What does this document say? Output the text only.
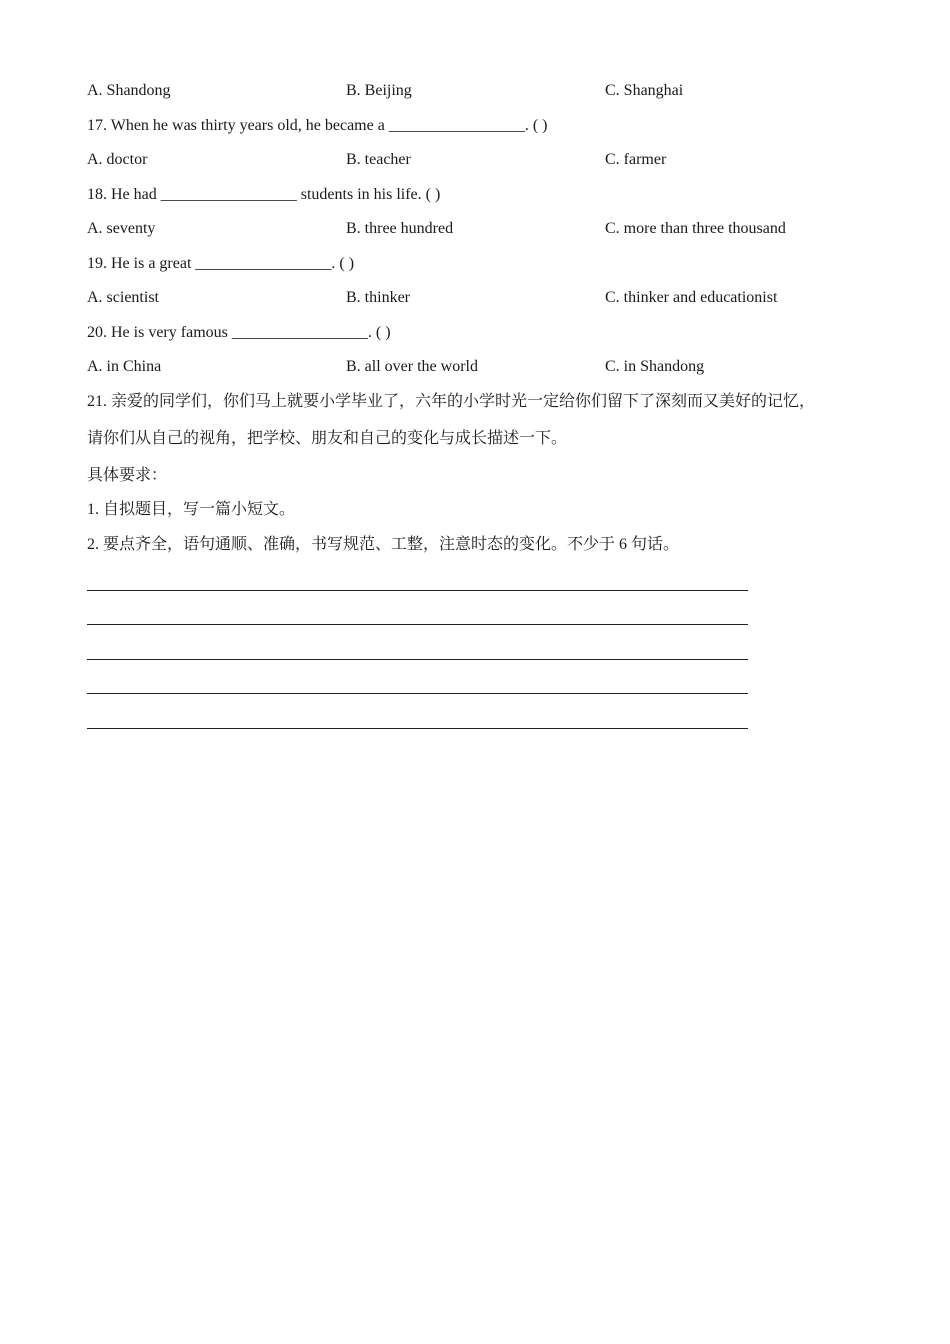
A. Shandong	B. Beijing	C. Shanghai
17. When he was thirty years old, he became a _________________. ( )
A. doctor	B. teacher	C. farmer
18. He had _________________ students in his life. ( )
A. seventy	B. three hundred	C. more than three thousand
19. He is a great _________________. ( )
A. scientist	B. thinker	C. thinker and educationist
20. He is very famous _________________. ( )
A. in China	B. all over the world	C. in Shandong
21. 亲爱的同学们，你们马上就要小学毕业了，六年的小学时光一定给你们留下了深刻而又美好的记忆，
请你们从自己的视角，把学校、朋友和自己的变化与成长描述一下。
具体要求：
1. 自拟题目，写一篇小短文。
2. 要点齐全，语句通顺、准确，书写规范、工整，注意时态的变化。不少于 6 句话。
